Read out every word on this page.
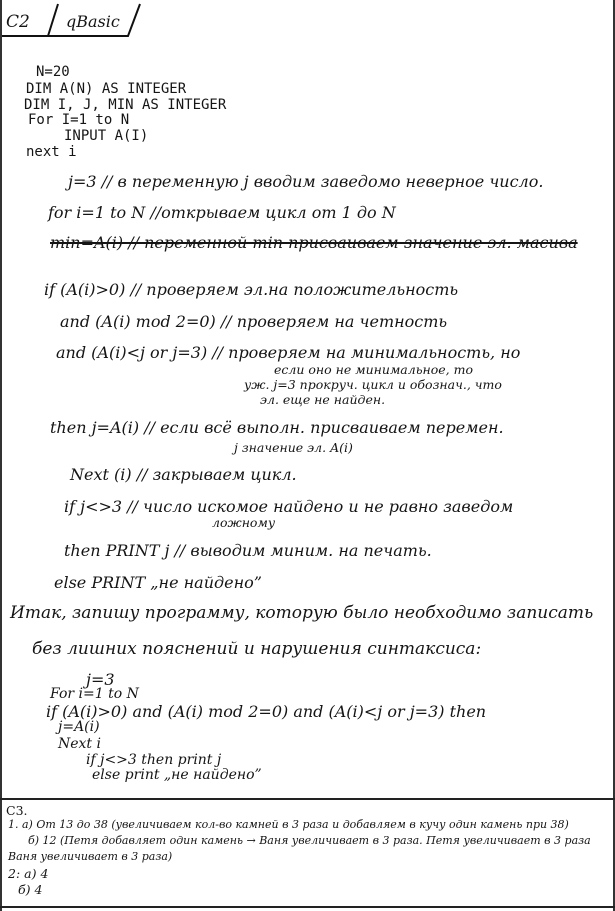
C2 qBasic
N=20
DIM A(N) AS INTEGER
DIM I, J, MIN AS INTEGER
For I=1 to N
INPUT A(I)
next i
j=3 // в переменную j вводим заведомо неверное число.
for i=1 to N //открываем цикл от 1 до N
min=A(i) // переменной min присваиваем значение эл. масива
if (A(i)>0) // проверяем эл.на положительность
and (A(i) mod 2=0) // проверяем на четность
and (A(i)<j or j=3) // проверяем на минимальность, но
если оно не минимальное, то
уж. j=3 прокруч. цикл и обознач., что
эл. еще не найден.
then j=A(i) // если всё выполн. присваиваем перемен.
j значение эл. A(i)
Next (i) // закрываем цикл.
if j<>3 // число искомое найдено и не равно заведом
ложному
then PRINT j // выводим миним. на печать.
else PRINT „не найдено”
Итак, запишу программу, которую было необходимо записать
без лишних пояснений и нарушения синтаксиса:
j=3
For i=1 to N
if (A(i)>0) and (A(i) mod 2=0) and (A(i)<j or j=3) then
j=A(i)
Next i
if j<>3 then print j
else print „не найдено”
C3.
1. а) От 13 до 38 (увеличиваем кол-во камней в 3 раза и добавляем в кучу один камень при 38)
б) 12 (Петя добавляет один камень → Ваня увеличивает в 3 раза. Петя увеличивает в 3 раза
Ваня увеличивает в 3 раза)
2: а) 4
б) 4
